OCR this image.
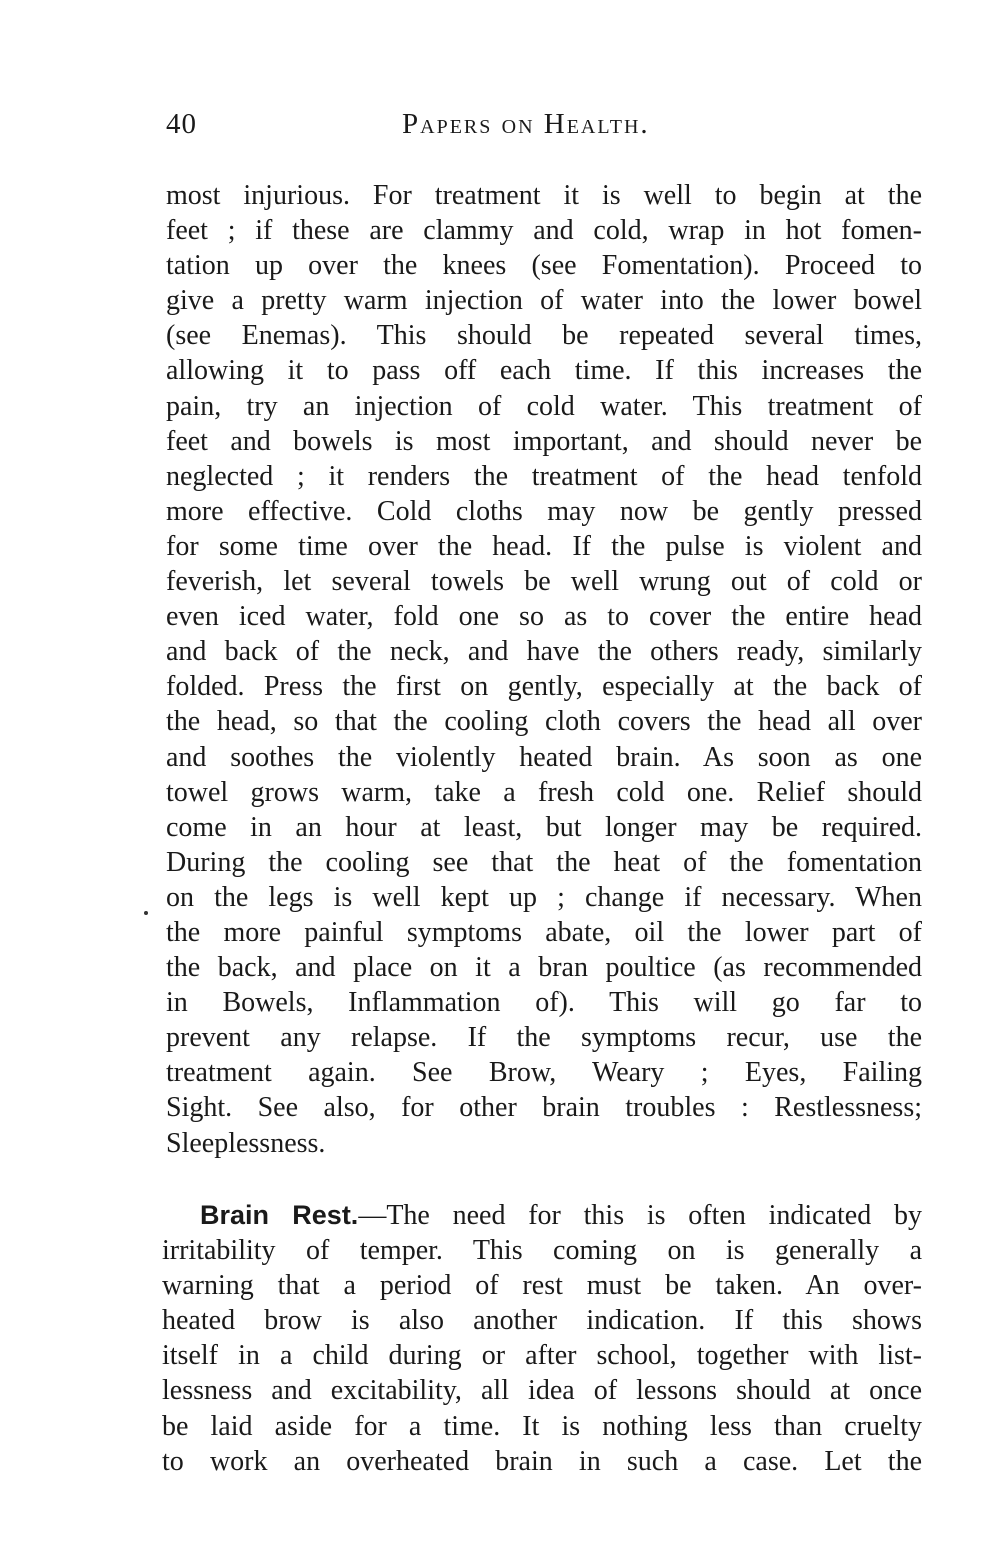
40	Papers on Health.
most injurious. For treatment it is well to begin at the
feet ; if these are clammy and cold, wrap in hot fomen-
tation up over the knees (see Fomentation). Proceed to
give a pretty warm injection of water into the lower bowel
(see Enemas). This should be repeated several times,
allowing it to pass off each time. If this increases the
pain, try an injection of cold water. This treatment of
feet and bowels is most important, and should never be
neglected ; it renders the treatment of the head tenfold
more effective. Cold cloths may now be gently pressed
for some time over the head. If the pulse is violent and
feverish, let several towels be well wrung out of cold or
even iced water, fold one so as to cover the entire head
and back of the neck, and have the others ready, similarly
folded. Press the first on gently, especially at the back of
the head, so that the cooling cloth covers the head all over
and soothes the violently heated brain. As soon as one
towel grows warm, take a fresh cold one. Relief should
come in an hour at least, but longer may be required.
During the cooling see that the heat of the fomentation
on the legs is well kept up ; change if necessary. When
the more painful symptoms abate, oil the lower part of
the back, and place on it a bran poultice (as recommended
in Bowels, Inflammation of). This will go far to
prevent any relapse. If the symptoms recur, use the
treatment again. See Brow, Weary ; Eyes, Failing
Sight. See also, for other brain troubles : Restlessness;
Sleeplessness.
Brain Rest.—The need for this is often indicated by
irritability of temper. This coming on is generally a
warning that a period of rest must be taken. An over-
heated brow is also another indication. If this shows
itself in a child during or after school, together with list-
lessness and excitability, all idea of lessons should at once
be laid aside for a time. It is nothing less than cruelty
to work an overheated brain in such a case. Let the
